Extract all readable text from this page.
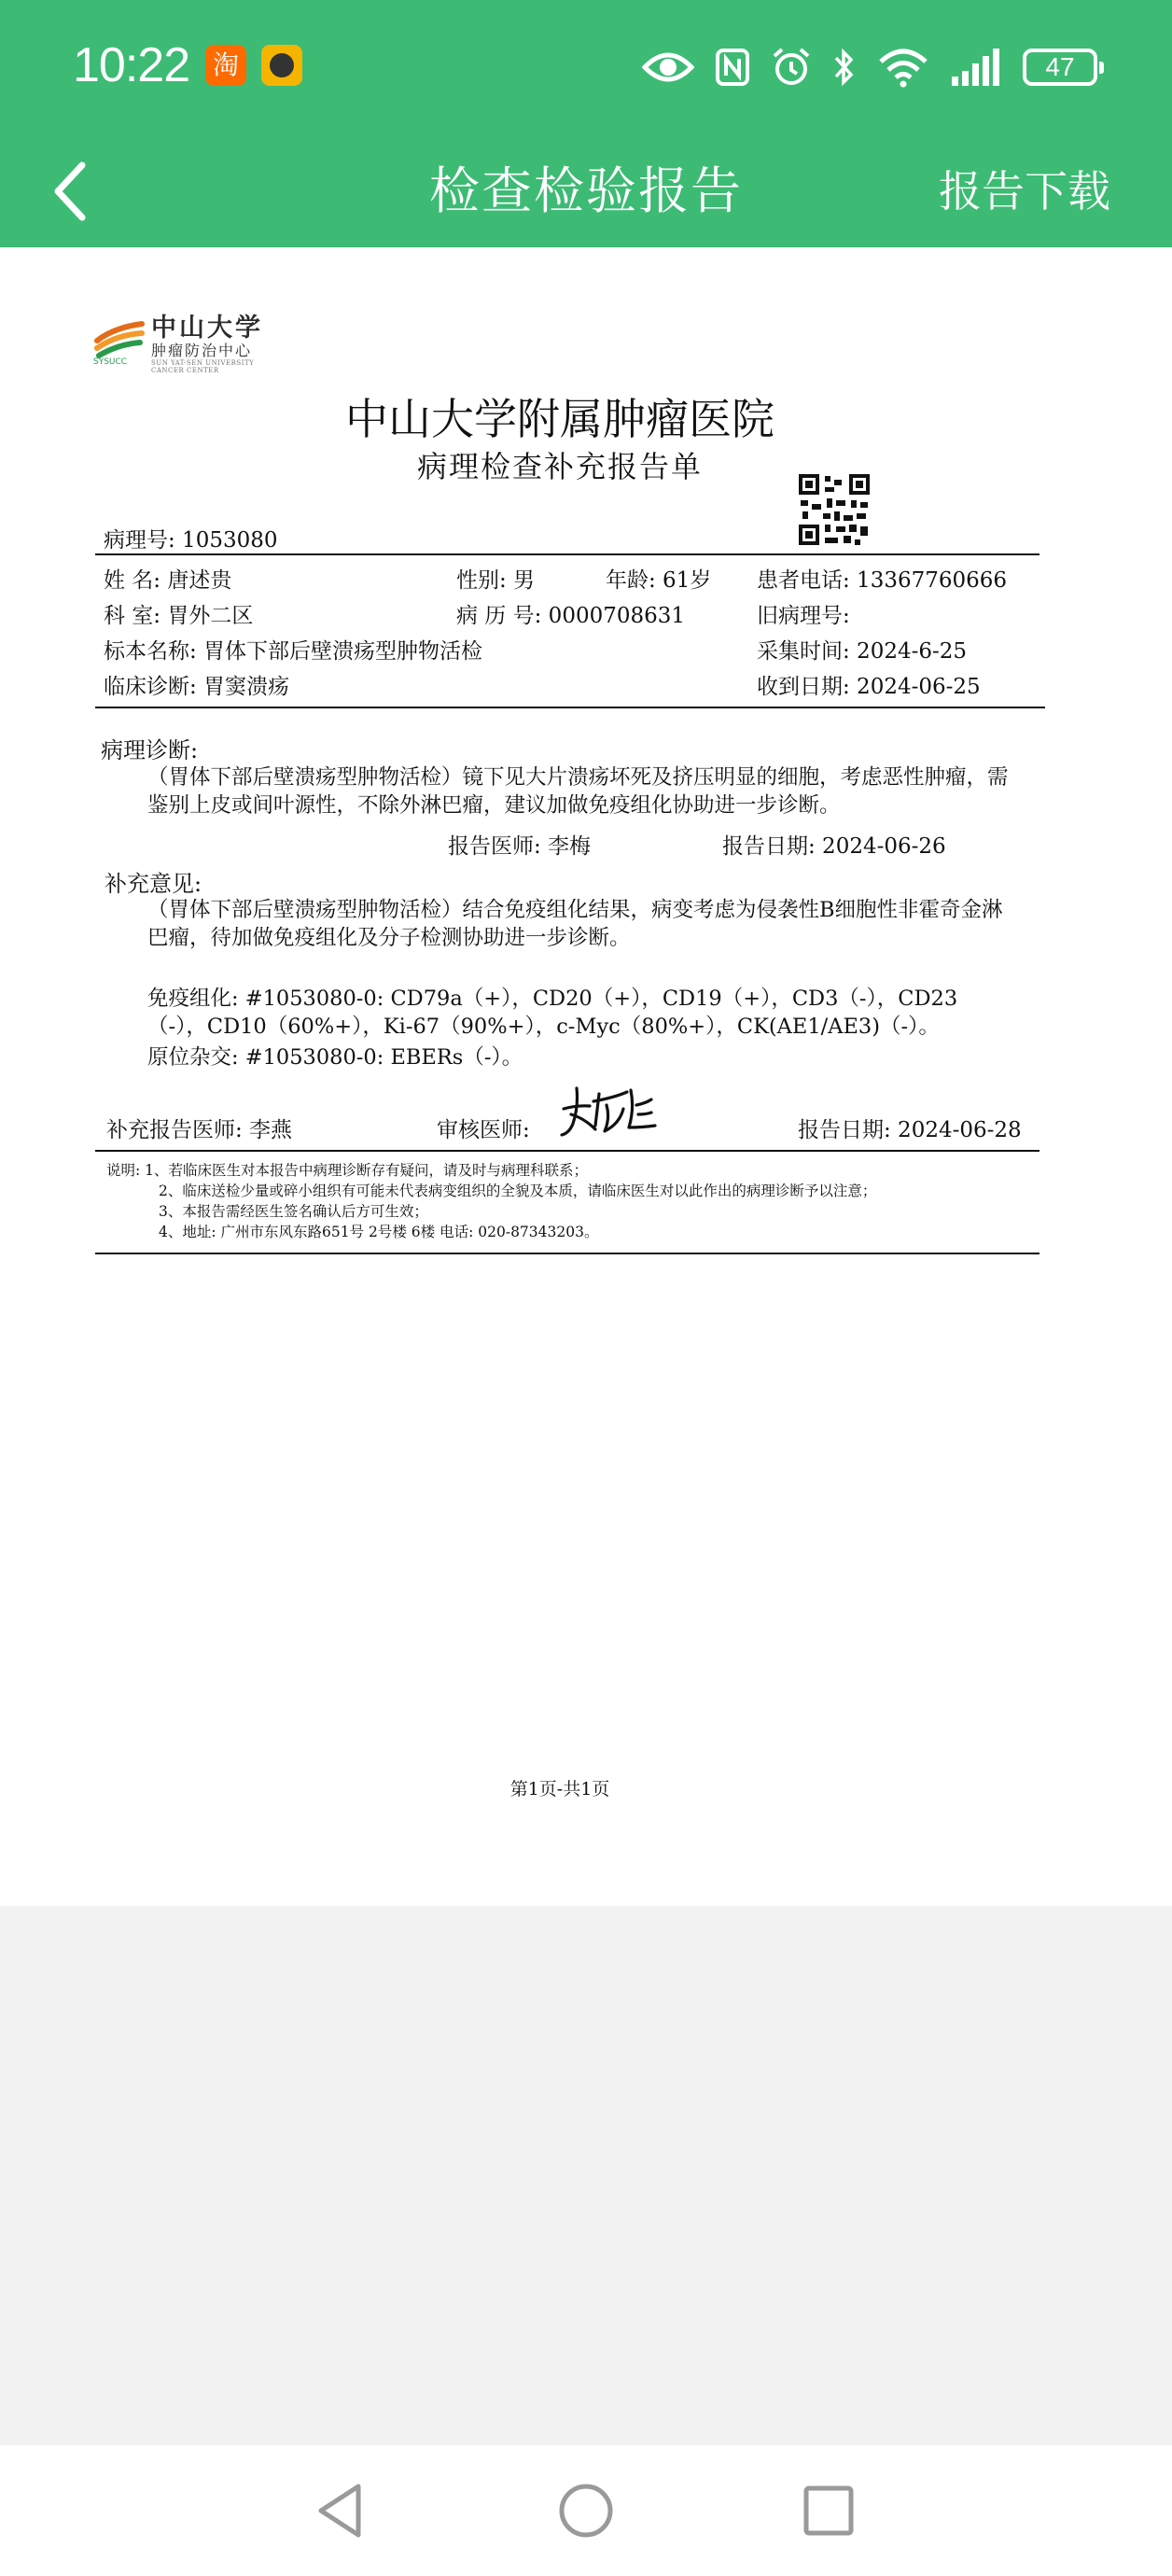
10:22 淘	47
检查检验报告	报告下载
SYSUCC
中山大学
肿瘤防治中心
SUN YAT-SEN UNIVERSITY CANCER CENTER
中山大学附属肿瘤医院
病理检查补充报告单
病理号: 1053080
姓 名: 唐述贵	性别: 男	年龄: 61岁 患者电话: 13367760666
科 室: 胃外二区	病 历 号: 0000708631	旧病理号:
标本名称: 胃体下部后壁溃疡型肿物活检	采集时间: 2024-6-25
临床诊断: 胃窦溃疡	收到日期: 2024-06-25
病理诊断:
（胃体下部后壁溃疡型肿物活检）镜下见大片溃疡坏死及挤压明显的细胞，考虑恶性肿瘤，需鉴别上皮或间叶源性，不除外淋巴瘤，建议加做免疫组化协助进一步诊断。
报告医师: 李梅	报告日期: 2024-06-26
补充意见:
（胃体下部后壁溃疡型肿物活检）结合免疫组化结果，病变考虑为侵袭性B细胞性非霍奇金淋巴瘤，待加做免疫组化及分子检测协助进一步诊断。
免疫组化: #1053080-0: CD79a（+），CD20（+），CD19（+），CD3（-），CD23（-），CD10（60%+），Ki-67（90%+），c-Myc（80%+），CK(AE1/AE3)（-）。
原位杂交: #1053080-0: EBERs（-）。
补充报告医师: 李燕	审核医师:	报告日期: 2024-06-28
说明: 1、若临床医生对本报告中病理诊断存有疑问，请及时与病理科联系；
2、临床送检少量或碎小组织有可能未代表病变组织的全貌及本质，请临床医生对以此作出的病理诊断予以注意；
3、本报告需经医生签名确认后方可生效；
4、地址: 广州市东风东路651号 2号楼 6楼 电话: 020-87343203。
第1页-共1页
